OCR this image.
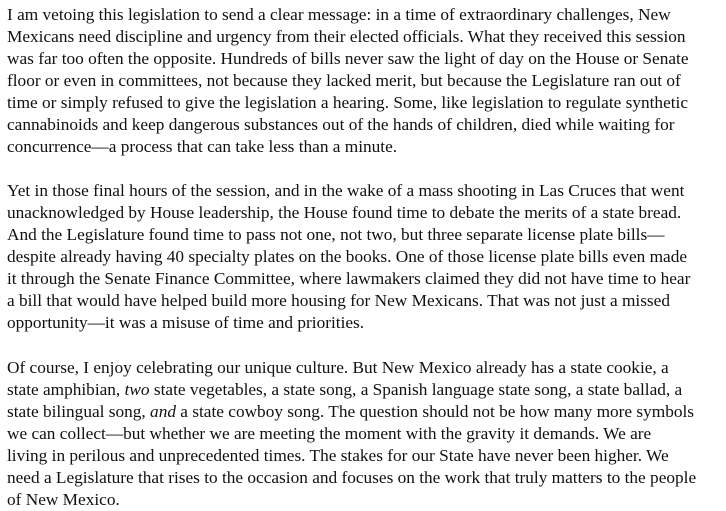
I am vetoing this legislation to send a clear message: in a time of extraordinary challenges, New
Mexicans need discipline and urgency from their elected officials. What they received this session
was far too often the opposite. Hundreds of bills never saw the light of day on the House or Senate
floor or even in committees, not because they lacked merit, but because the Legislature ran out of
time or simply refused to give the legislation a hearing. Some, like legislation to regulate synthetic
cannabinoids and keep dangerous substances out of the hands of children, died while waiting for
concurrence—a process that can take less than a minute.

Yet in those final hours of the session, and in the wake of a mass shooting in Las Cruces that went
unacknowledged by House leadership, the House found time to debate the merits of a state bread.
And the Legislature found time to pass not one, not two, but three separate license plate bills—
despite already having 40 specialty plates on the books. One of those license plate bills even made
it through the Senate Finance Committee, where lawmakers claimed they did not have time to hear
a bill that would have helped build more housing for New Mexicans. That was not just a missed
opportunity—it was a misuse of time and priorities.

Of course, I enjoy celebrating our unique culture. But New Mexico already has a state cookie, a
state amphibian, two state vegetables, a state song, a Spanish language state song, a state ballad, a
state bilingual song, and a state cowboy song. The question should not be how many more symbols
we can collect—but whether we are meeting the moment with the gravity it demands. We are
living in perilous and unprecedented times. The stakes for our State have never been higher. We
need a Legislature that rises to the occasion and focuses on the work that truly matters to the people
of New Mexico.
